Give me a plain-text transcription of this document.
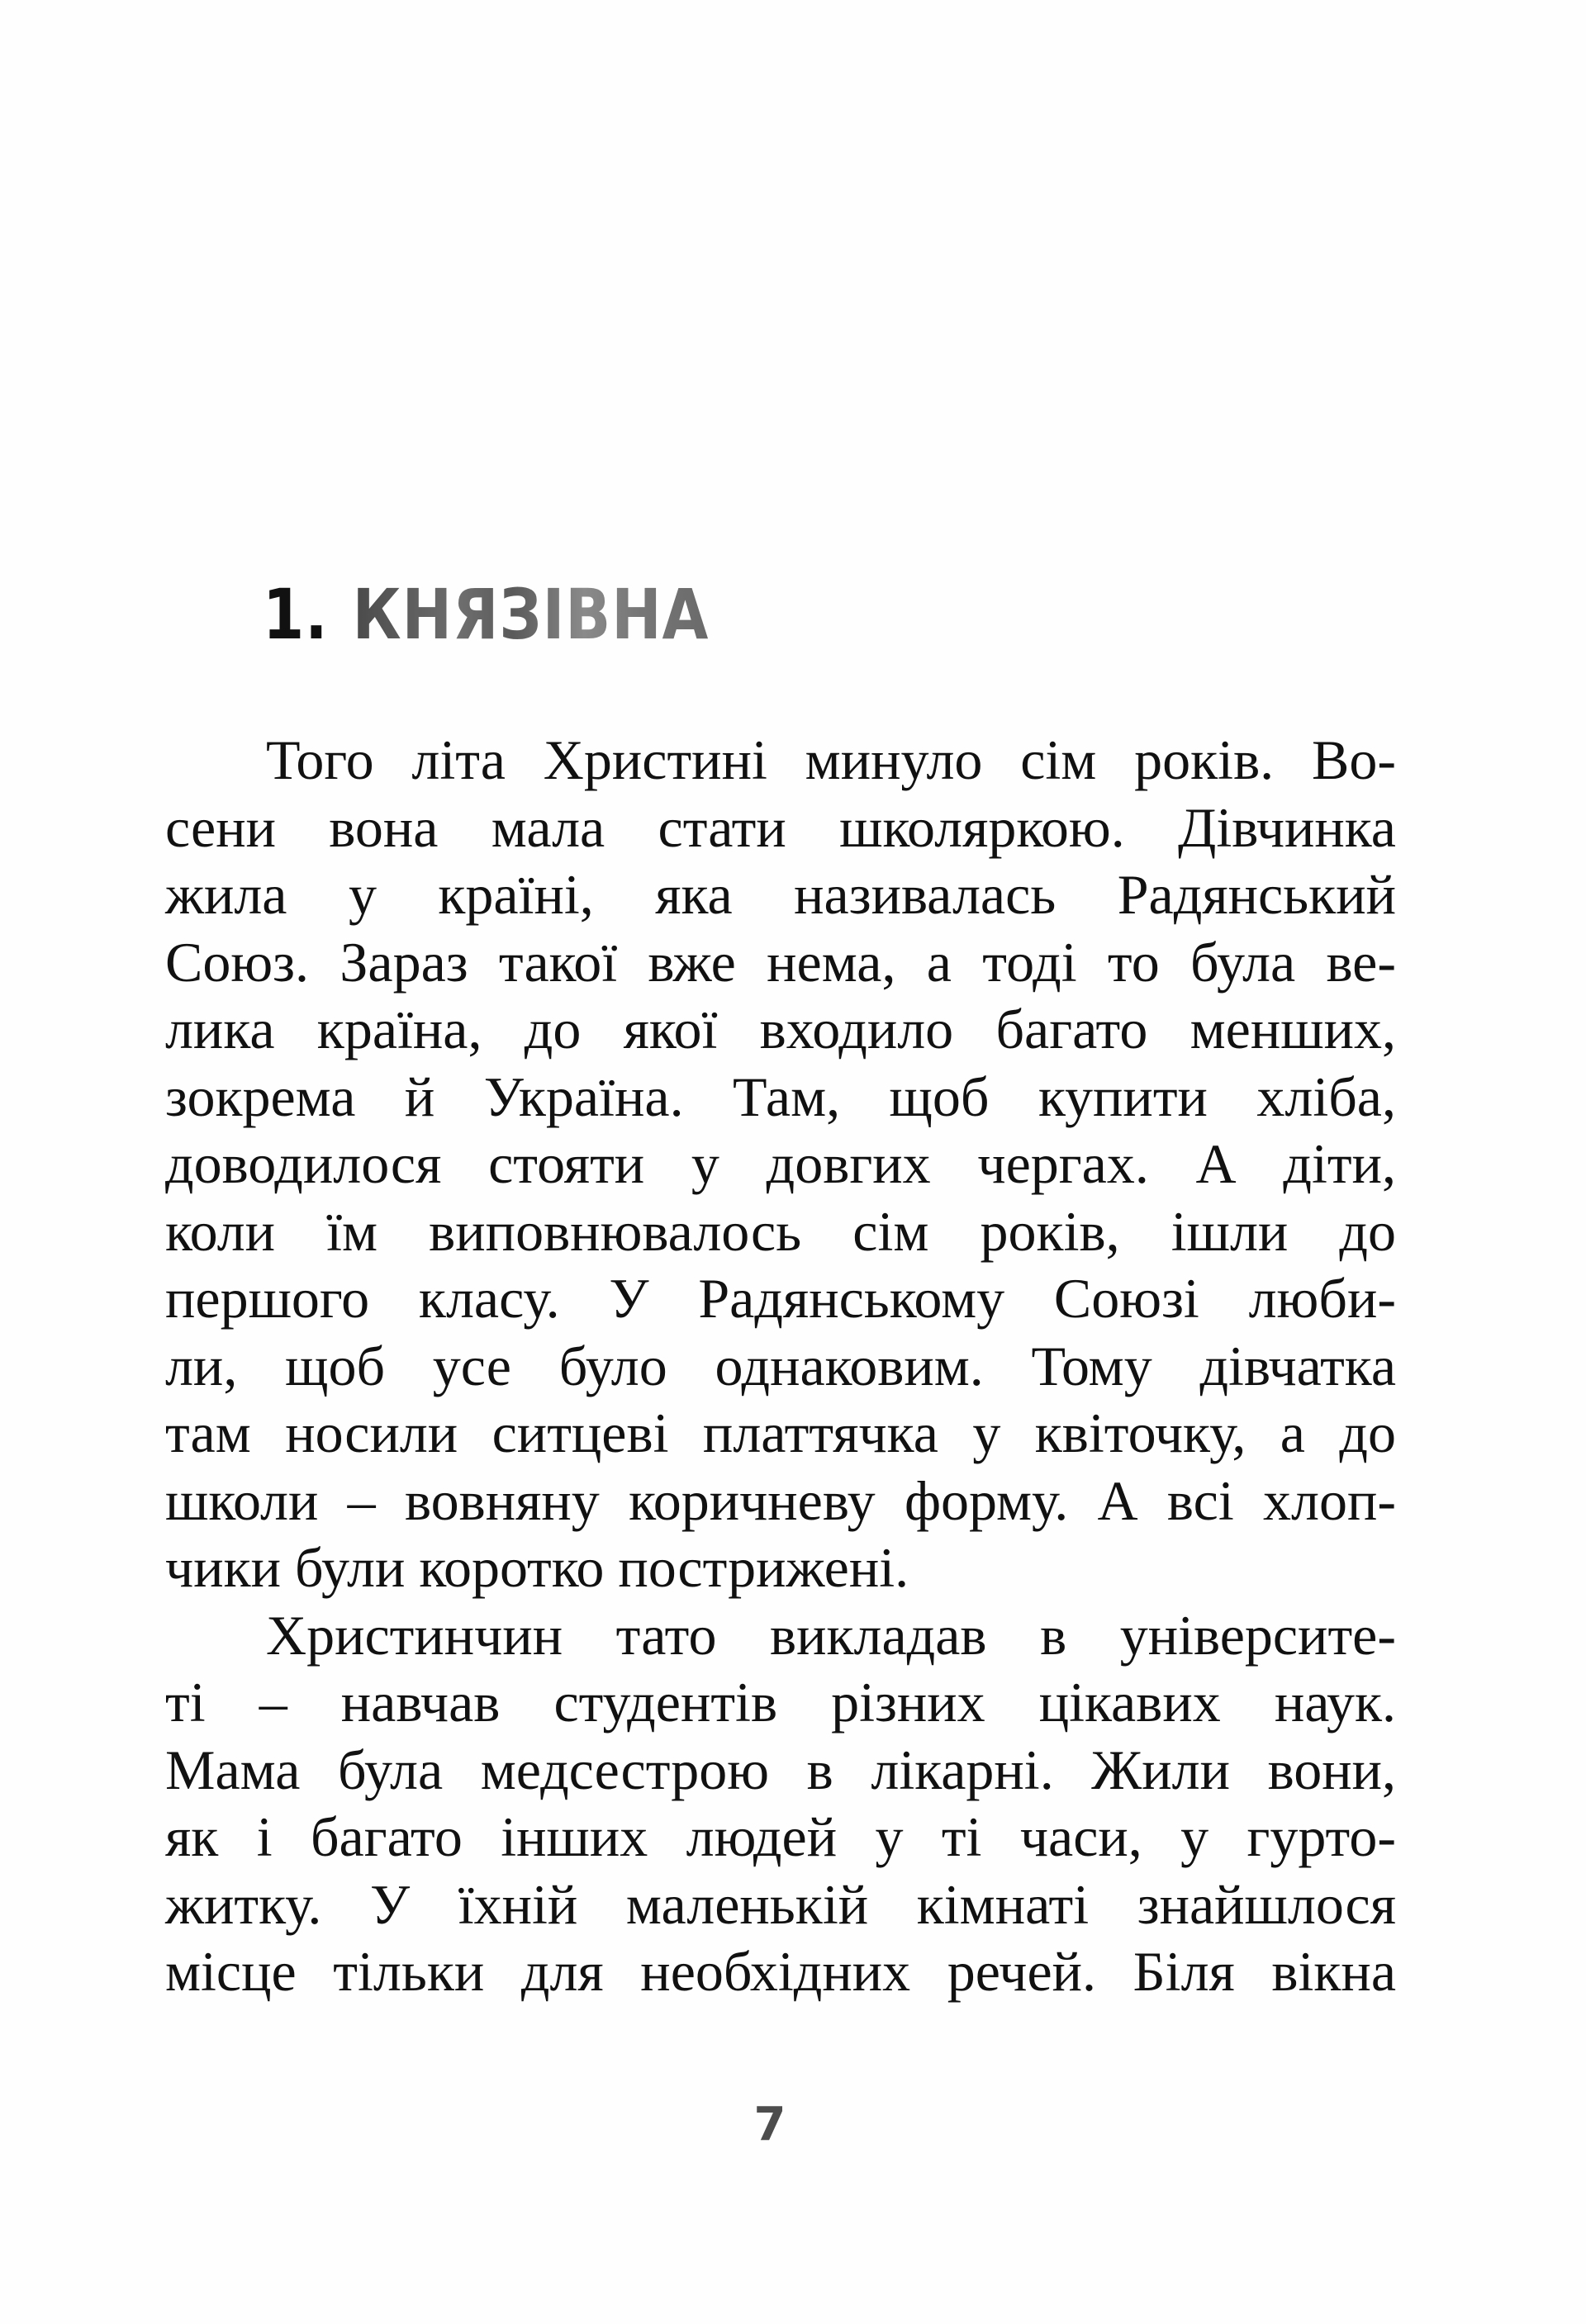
1. КНЯЗІВНА
Того літа Христині минуло сім років. Во-
сени вона мала стати школяркою. Дівчинка
жила у країні, яка називалась Радянський
Союз. Зараз такої вже нема, а тоді то була ве-
лика країна, до якої входило багато менших,
зокрема й Україна. Там, щоб купити хліба,
доводилося стояти у довгих чергах. А діти,
коли їм виповнювалось сім років, ішли до
першого класу. У Радянському Союзі люби-
ли, щоб усе було однаковим. Тому дівчатка
там носили ситцеві платтячка у квіточку, а до
школи – вовняну коричневу форму. А всі хлоп-
чики були коротко пострижені.
Христинчин тато викладав в університе-
ті – навчав студентів різних цікавих наук.
Мама була медсестрою в лікарні. Жили вони,
як і багато інших людей у ті часи, у гурто-
житку. У їхній маленькій кімнаті знайшлося
місце тільки для необхідних речей. Біля вікна
7
